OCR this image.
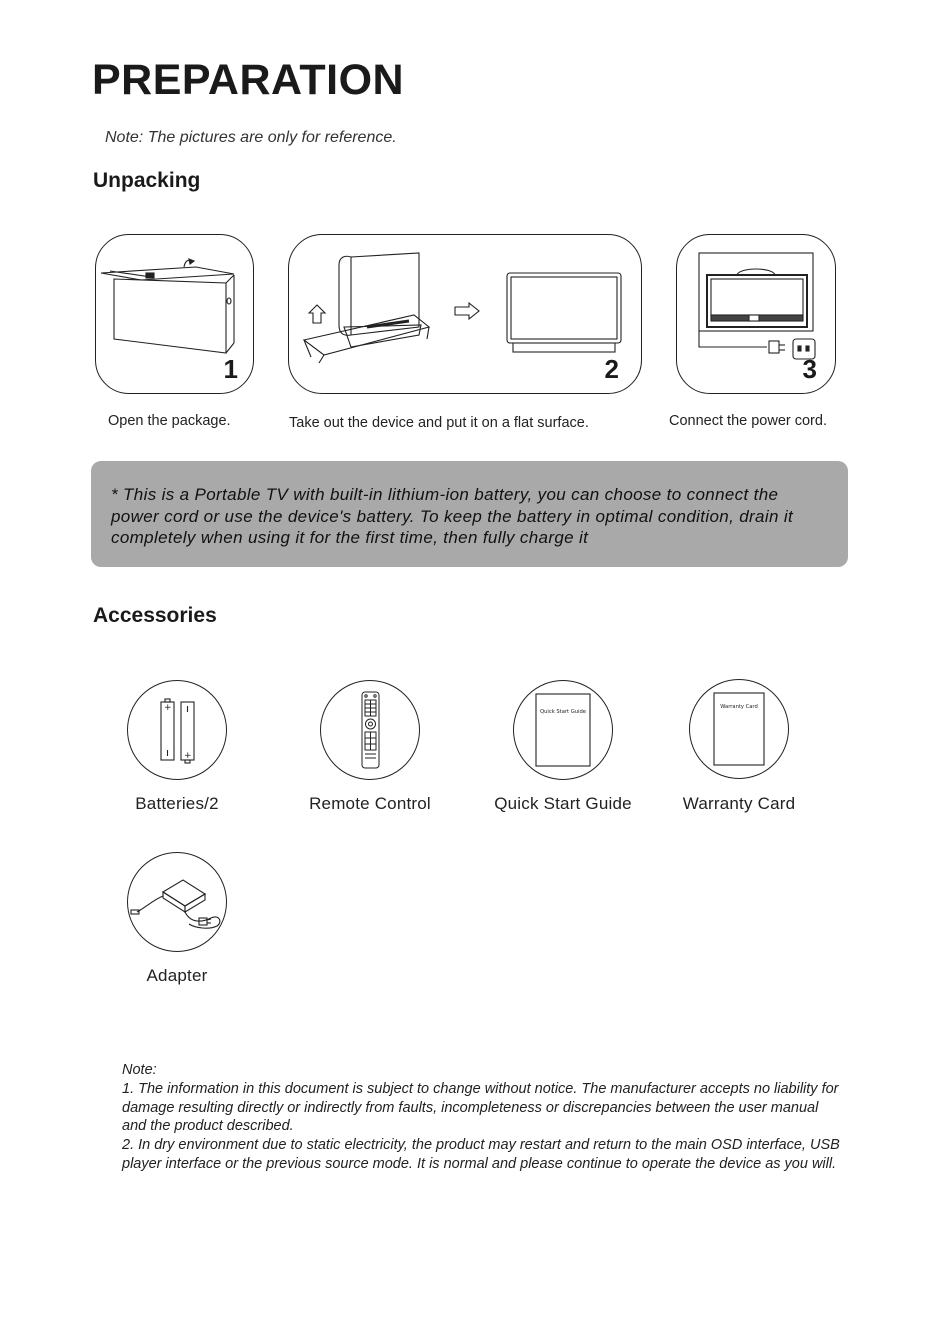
PREPARATION
Note: The pictures are only for reference.
Unpacking
1
Open the package.
2
Take out the device and put it on a flat surface.
3
Connect the power cord.
* This is a Portable TV with built-in lithium-ion battery, you can choose to connect the power cord or use the device's battery. To keep the battery in optimal condition, drain it completely when using it for the first time, then fully charge it
Accessories
+
+
Batteries/2	Remote Control
Quick Start Guide
Quick Start Guide
Warranty Card
Warranty Card
Adapter

Note:

1. The information in this document is subject to change without notice. The manufacturer accepts no liability for damage resulting directly or indirectly from faults, incompleteness or discrepancies between the user manual and the product described.

2. In dry environment due to static electricity, the product may restart and return to the main OSD interface, USB player interface or the previous source mode. It is normal and please continue to operate the device as you will.
